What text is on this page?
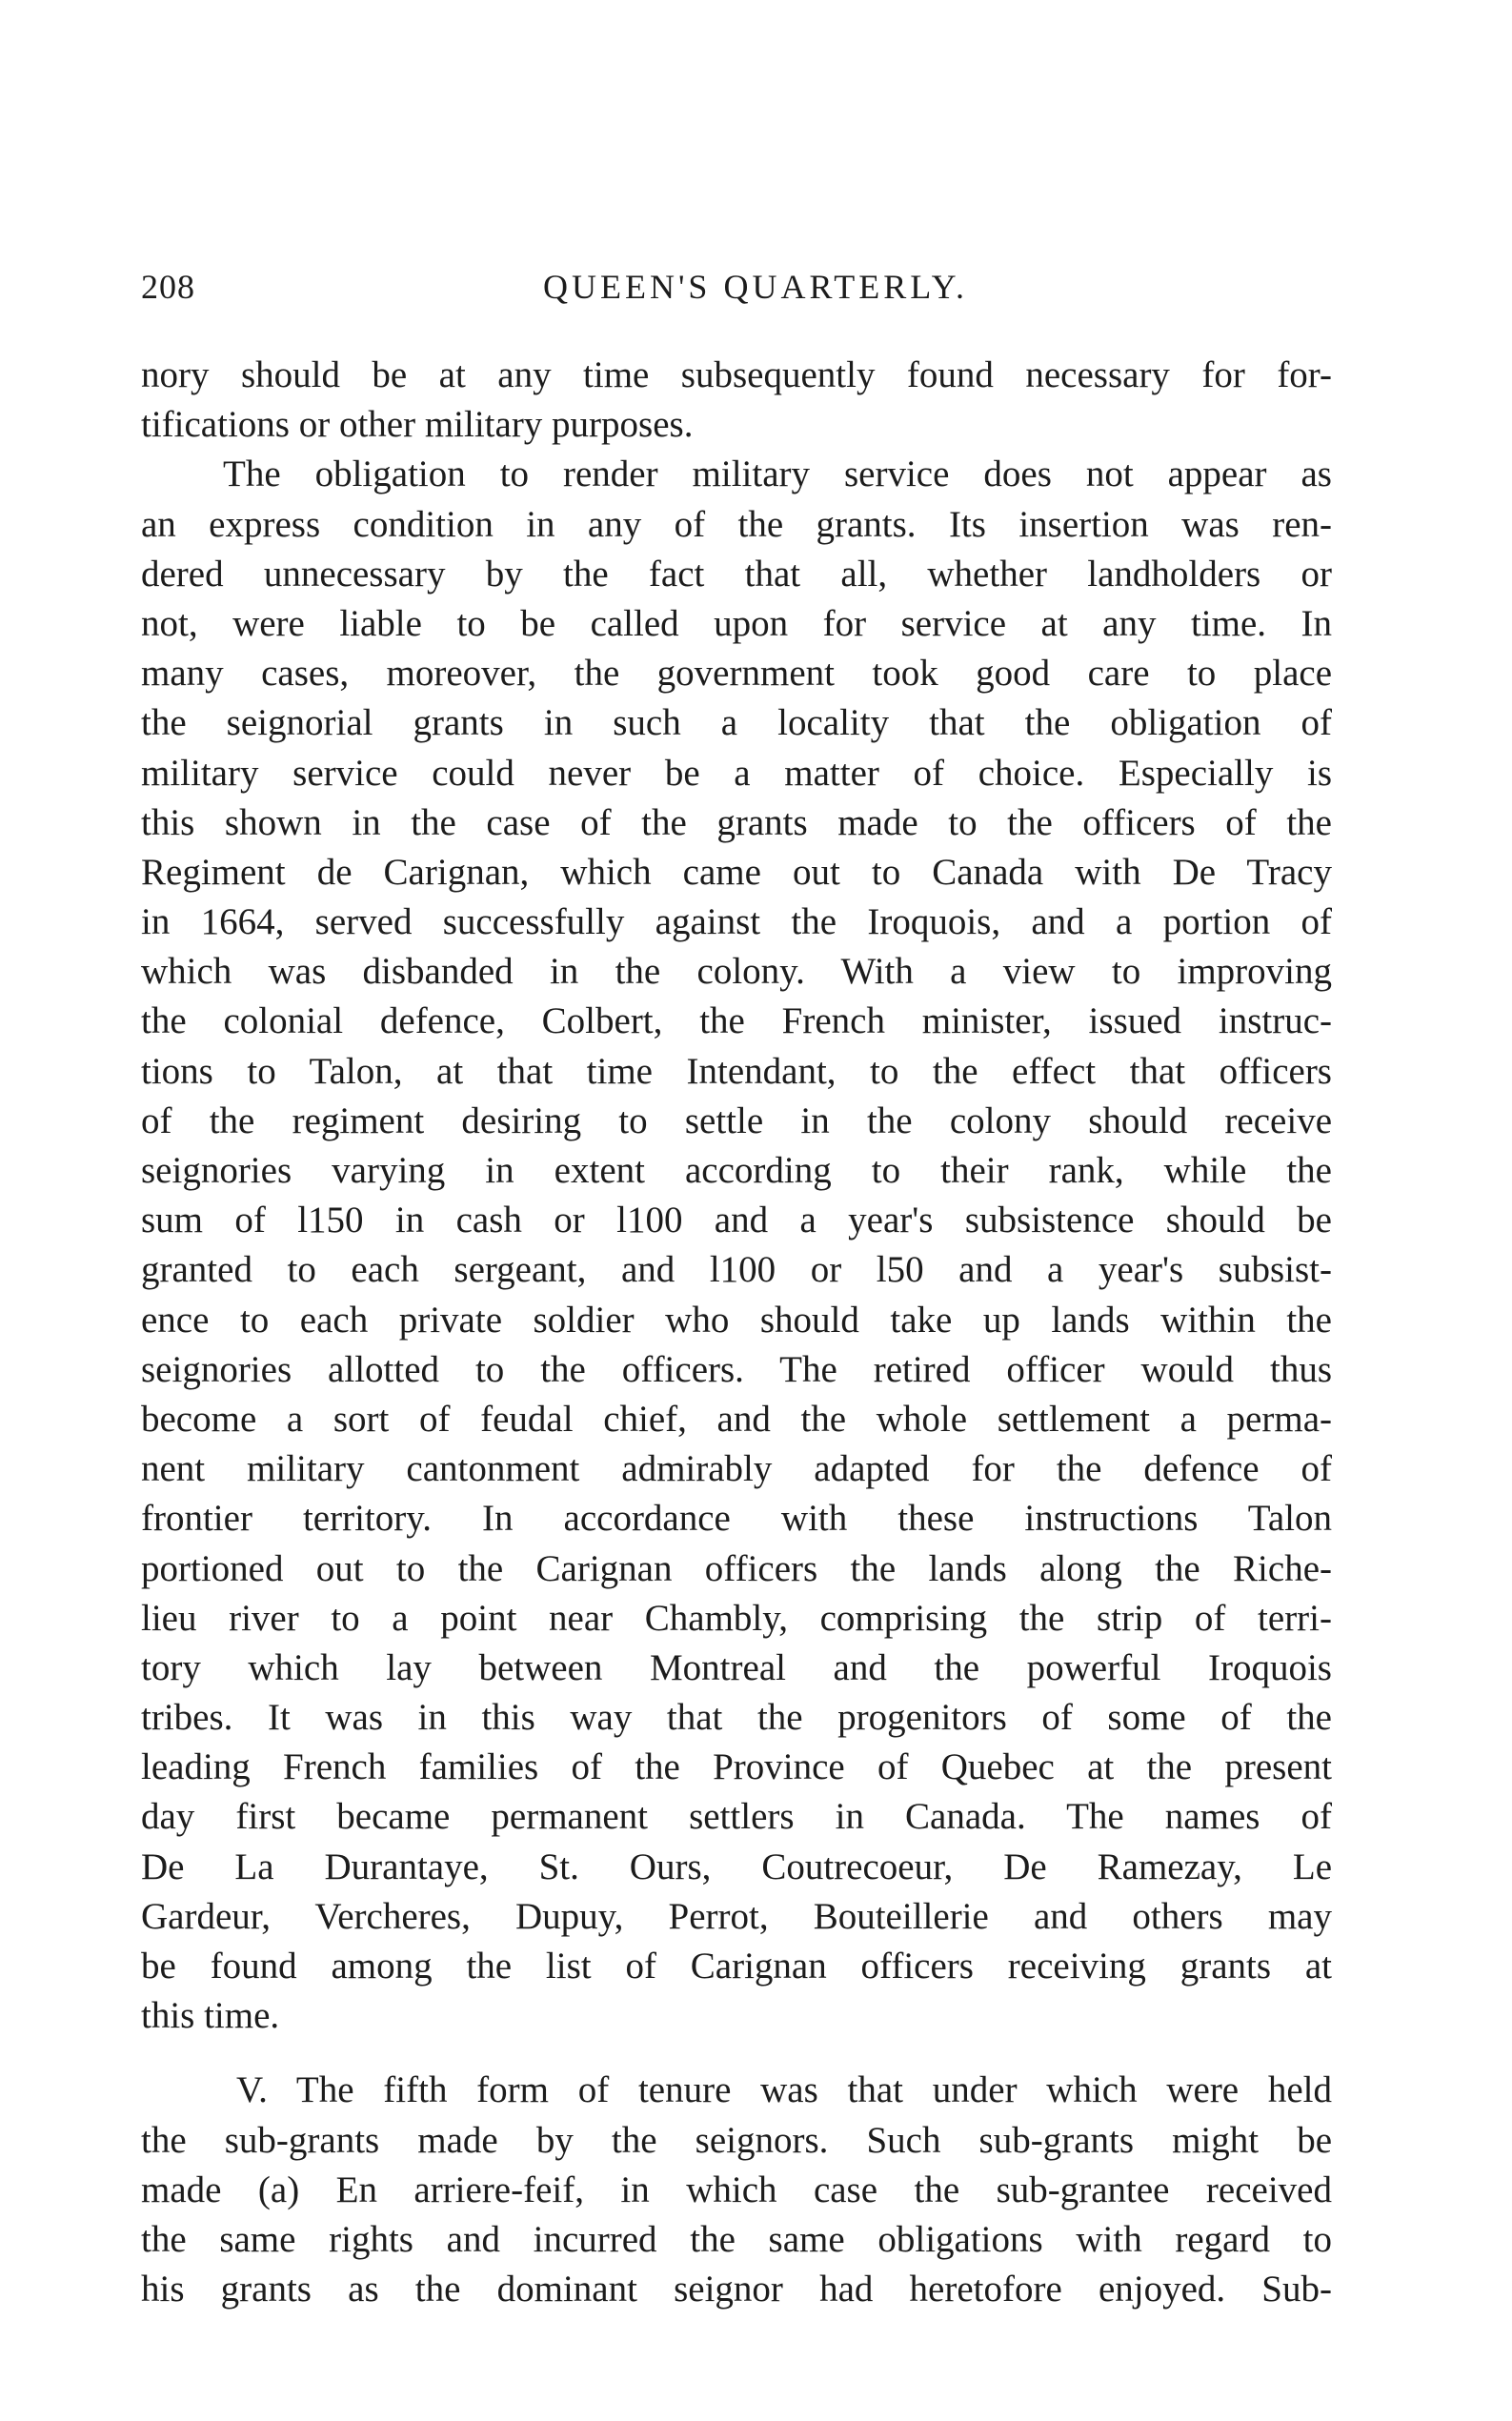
208	QUEEN'S QUARTERLY.
nory should be at any time subsequently found necessary for for-
tifications or other military purposes.
The obligation to render military service does not appear as
an express condition in any of the grants. Its insertion was ren-
dered unnecessary by the fact that all, whether landholders or
not, were liable to be called upon for service at any time. In
many cases, moreover, the government took good care to place
the seignorial grants in such a locality that the obligation of
military service could never be a matter of choice. Especially is
this shown in the case of the grants made to the officers of the
Regiment de Carignan, which came out to Canada with De Tracy
in 1664, served successfully against the Iroquois, and a portion of
which was disbanded in the colony. With a view to improving
the colonial defence, Colbert, the French minister, issued instruc-
tions to Talon, at that time Intendant, to the effect that officers
of the regiment desiring to settle in the colony should receive
seignories varying in extent according to their rank, while the
sum of l150 in cash or l100 and a year's subsistence should be
granted to each sergeant, and l100 or l50 and a year's subsist-
ence to each private soldier who should take up lands within the
seignories allotted to the officers. The retired officer would thus
become a sort of feudal chief, and the whole settlement a perma-
nent military cantonment admirably adapted for the defence of
frontier territory. In accordance with these instructions Talon
portioned out to the Carignan officers the lands along the Riche-
lieu river to a point near Chambly, comprising the strip of terri-
tory which lay between Montreal and the powerful Iroquois
tribes. It was in this way that the progenitors of some of the
leading French families of the Province of Quebec at the present
day first became permanent settlers in Canada. The names of
De La Durantaye, St. Ours, Coutrecoeur, De Ramezay, Le
Gardeur, Vercheres, Dupuy, Perrot, Bouteillerie and others may
be found among the list of Carignan officers receiving grants at
this time.
V. The fifth form of tenure was that under which were held
the sub-grants made by the seignors. Such sub-grants might be
made (a) En arriere-feif, in which case the sub-grantee received
the same rights and incurred the same obligations with regard to
his grants as the dominant seignor had heretofore enjoyed. Sub-
